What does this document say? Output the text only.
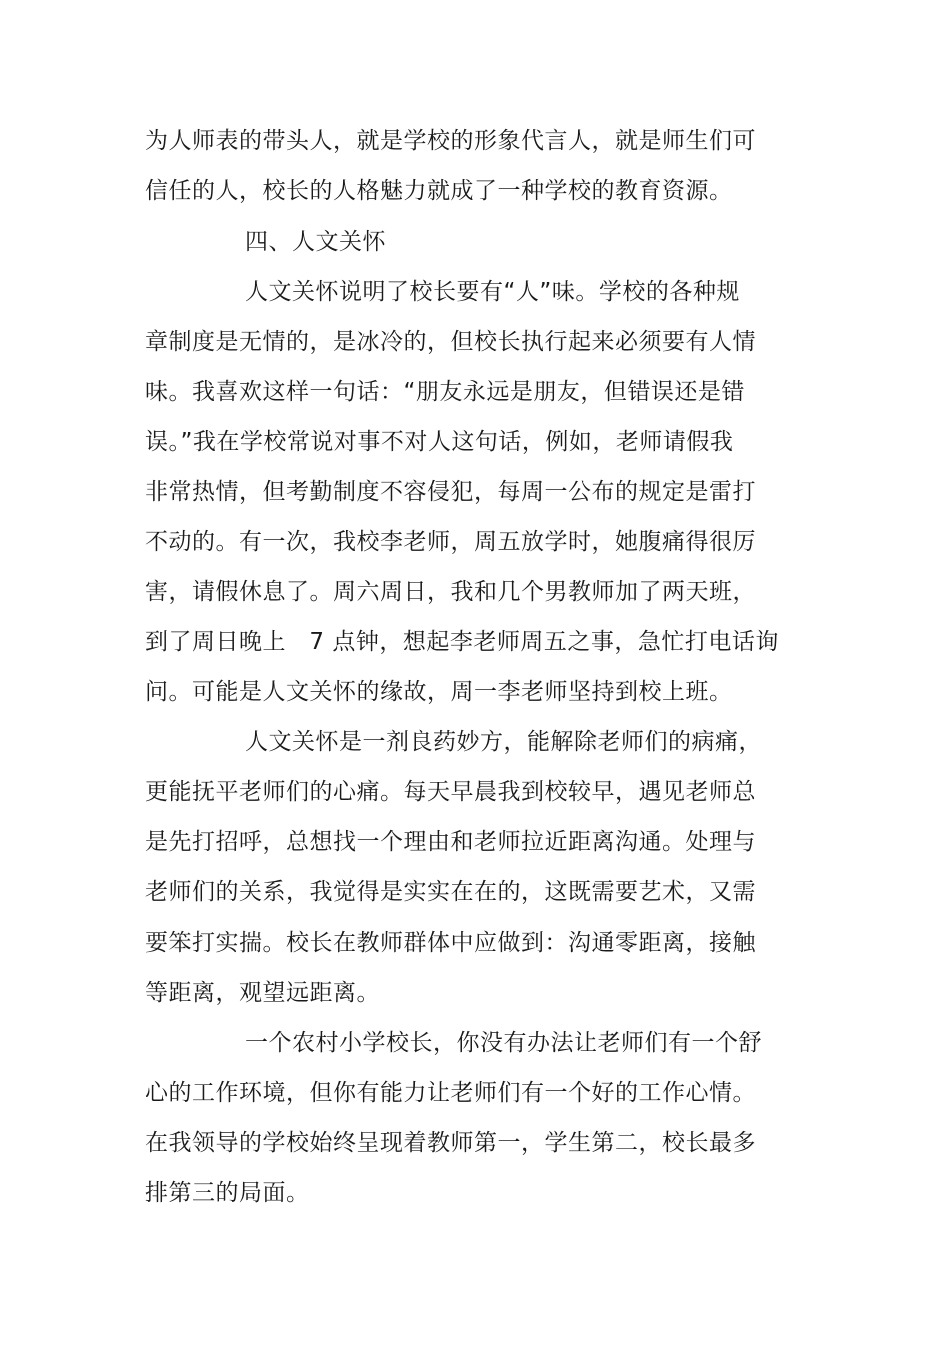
为人师表的带头人，就是学校的形象代言人，就是师生们可
信任的人，校长的人格魅力就成了一种学校的教育资源。
四、人文关怀
人文关怀说明了校长要有“人”味。学校的各种规
章制度是无情的，是冰冷的，但校长执行起来必须要有人情
味。我喜欢这样一句话：“朋友永远是朋友，但错误还是错
误。”我在学校常说对事不对人这句话，例如，老师请假我
非常热情，但考勤制度不容侵犯，每周一公布的规定是雷打
不动的。有一次，我校李老师，周五放学时，她腹痛得很厉
害，请假休息了。周六周日，我和几个男教师加了两天班，
到了周日晚上   7 点钟，想起李老师周五之事，急忙打电话询
问。可能是人文关怀的缘故，周一李老师坚持到校上班。
人文关怀是一剂良药妙方，能解除老师们的病痛，
更能抚平老师们的心痛。每天早晨我到校较早，遇见老师总
是先打招呼，总想找一个理由和老师拉近距离沟通。处理与
老师们的关系，我觉得是实实在在的，这既需要艺术，又需
要笨打实揣。校长在教师群体中应做到：沟通零距离，接触
等距离，观望远距离。
一个农村小学校长，你没有办法让老师们有一个舒
心的工作环境，但你有能力让老师们有一个好的工作心情。
在我领导的学校始终呈现着教师第一，学生第二，校长最多
排第三的局面。
